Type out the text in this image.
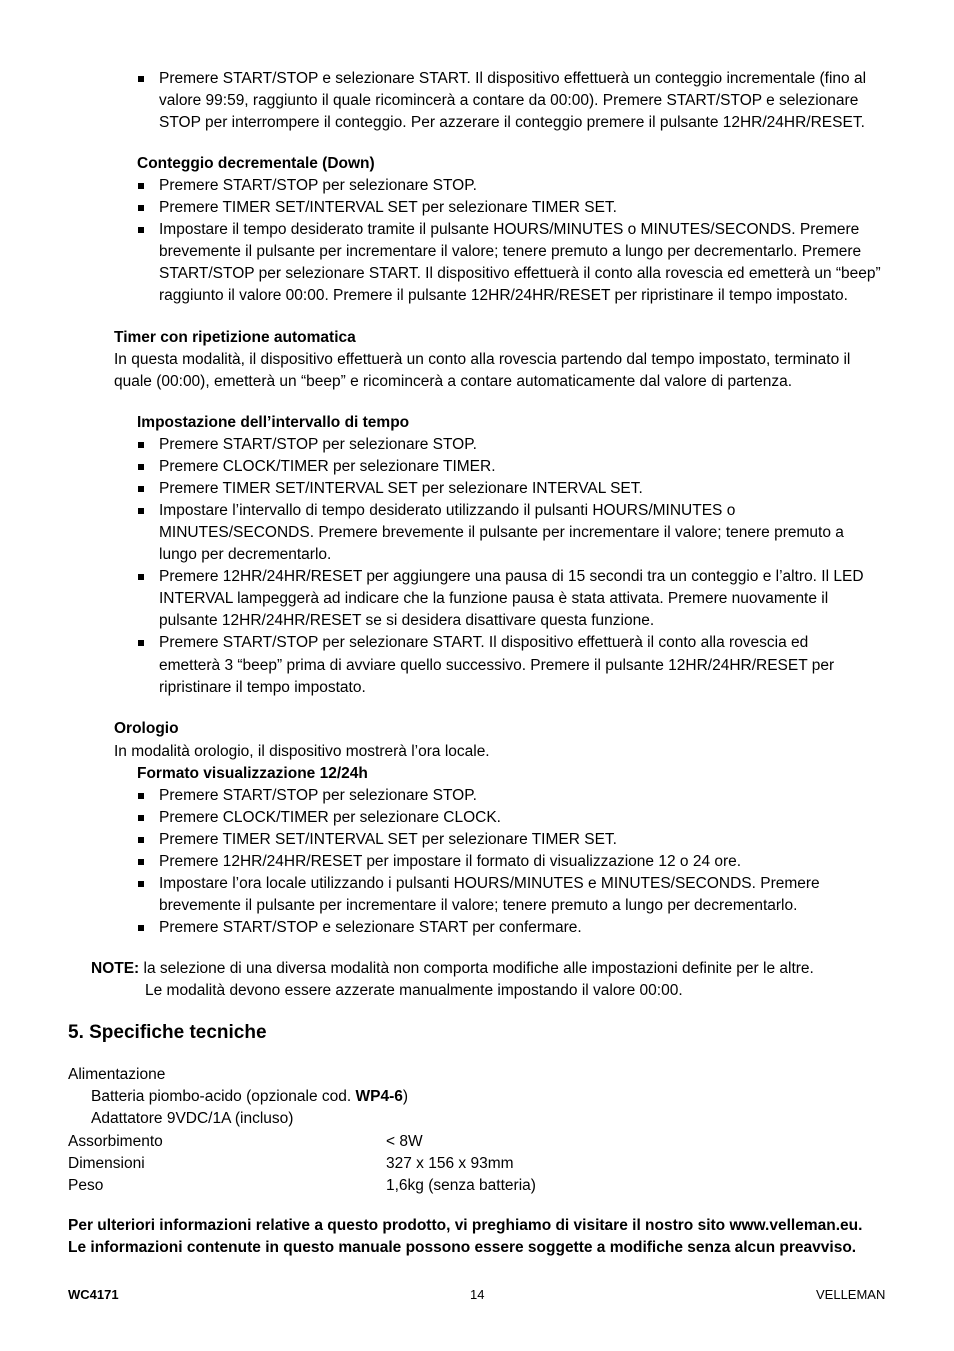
Premere START/STOP e selezionare START. Il dispositivo effettuerà un conteggio incrementale (fino al
valore 99:59, raggiunto il quale ricomincerà a contare da 00:00). Premere START/STOP e selezionare
STOP per interrompere il conteggio. Per azzerare il conteggio premere il pulsante 12HR/24HR/RESET.
Conteggio decrementale (Down)
Premere START/STOP per selezionare STOP.
Premere TIMER SET/INTERVAL SET per selezionare TIMER SET.
Impostare il tempo desiderato tramite il pulsante HOURS/MINUTES o MINUTES/SECONDS. Premere
brevemente il pulsante per incrementare il valore; tenere premuto a lungo per decrementarlo. Premere
START/STOP per selezionare START. Il dispositivo effettuerà il conto alla rovescia ed emetterà un “beep”
raggiunto il valore 00:00. Premere il pulsante 12HR/24HR/RESET per ripristinare il tempo impostato.
Timer con ripetizione automatica
In questa modalità, il dispositivo effettuerà un conto alla rovescia partendo dal tempo impostato, terminato il
quale (00:00), emetterà un “beep” e ricomincerà a contare automaticamente dal valore di partenza.
Impostazione dell’intervallo di tempo
Premere START/STOP per selezionare STOP.
Premere CLOCK/TIMER per selezionare TIMER.
Premere TIMER SET/INTERVAL SET per selezionare INTERVAL SET.
Impostare l’intervallo di tempo desiderato utilizzando il pulsanti HOURS/MINUTES o
MINUTES/SECONDS. Premere brevemente il pulsante per incrementare il valore; tenere premuto a
lungo per decrementarlo.
Premere 12HR/24HR/RESET per aggiungere una pausa di 15 secondi tra un conteggio e l’altro. Il LED
INTERVAL lampeggerà ad indicare che la funzione pausa è stata attivata. Premere nuovamente il
pulsante 12HR/24HR/RESET se si desidera disattivare questa funzione.
Premere START/STOP per selezionare START. Il dispositivo effettuerà il conto alla rovescia ed
emetterà 3 “beep” prima di avviare quello successivo. Premere il pulsante 12HR/24HR/RESET per
ripristinare il tempo impostato.
Orologio
In modalità orologio, il dispositivo mostrerà l’ora locale.
Formato visualizzazione 12/24h
Premere START/STOP per selezionare STOP.
Premere CLOCK/TIMER per selezionare CLOCK.
Premere TIMER SET/INTERVAL SET per selezionare TIMER SET.
Premere 12HR/24HR/RESET per impostare il formato di visualizzazione 12 o 24 ore.
Impostare l’ora locale utilizzando i pulsanti HOURS/MINUTES e MINUTES/SECONDS. Premere
brevemente il pulsante per incrementare il valore; tenere premuto a lungo per decrementarlo.
Premere START/STOP e selezionare START per confermare.
NOTE: la selezione di una diversa modalità non comporta modifiche alle impostazioni definite per le altre.
Le modalità devono essere azzerate manualmente impostando il valore 00:00.
5. Specifiche tecniche
Alimentazione
Batteria piombo-acido (opzionale cod. WP4-6)
Adattatore 9VDC/1A (incluso)
Assorbimento	< 8W
Dimensioni	327 x 156 x 93mm
Peso	1,6kg (senza batteria)
Per ulteriori informazioni relative a questo prodotto, vi preghiamo di visitare il nostro sito www.velleman.eu.
Le informazioni contenute in questo manuale possono essere soggette a modifiche senza alcun preavviso.
WC4171	14	VELLEMAN
